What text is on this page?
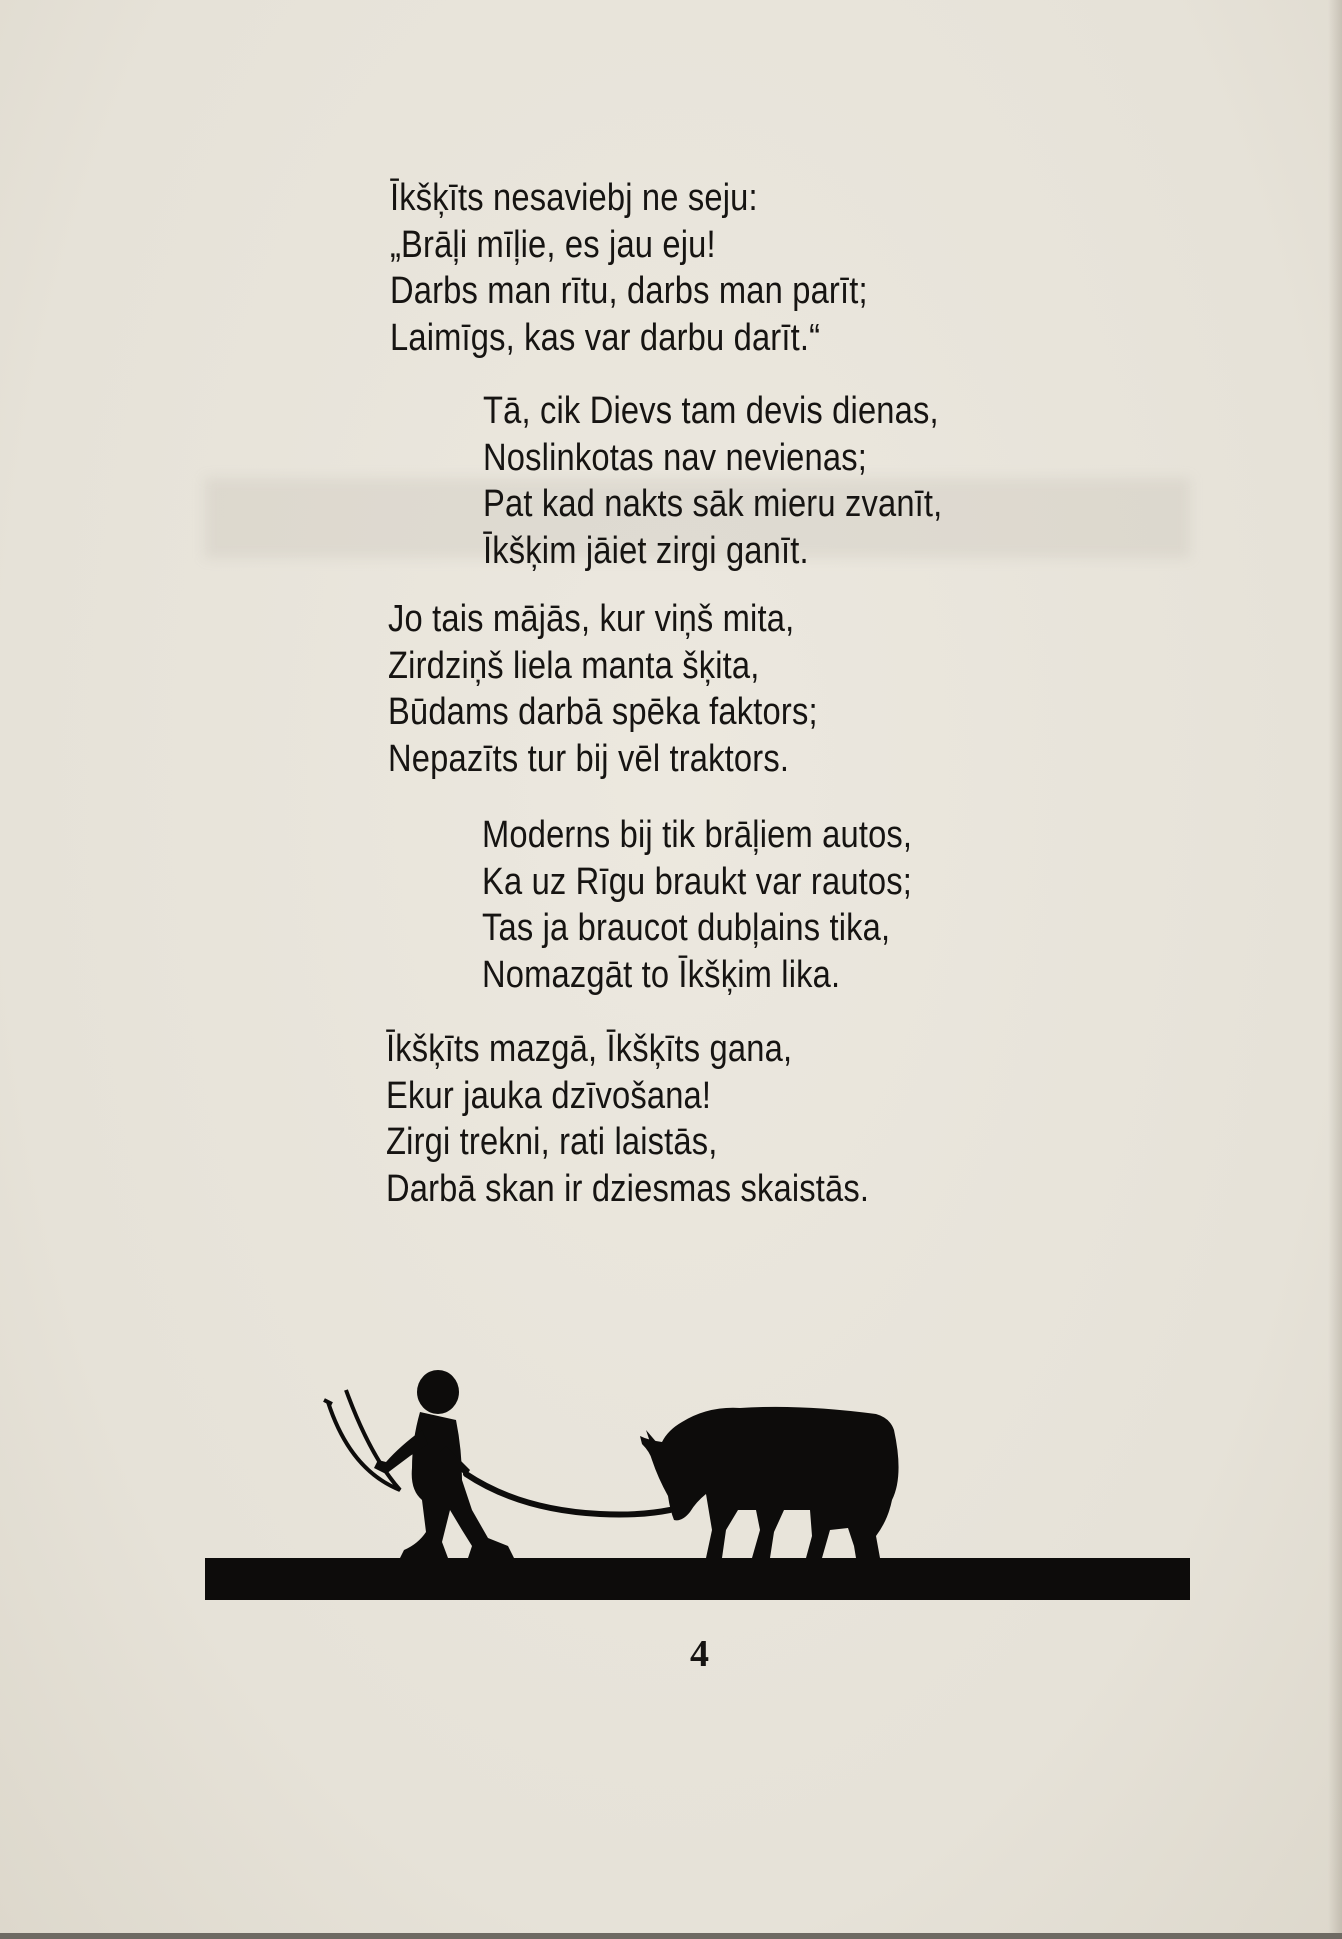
Īkšķīts nesaviebj ne seju:
„Brāļi mīļie, es jau eju!
Darbs man rītu, darbs man parīt;
Laimīgs, kas var darbu darīt.“
Tā, cik Dievs tam devis dienas,
Noslinkotas nav nevienas;
Pat kad nakts sāk mieru zvanīt,
Īkšķim jāiet zirgi ganīt.
Jo tais mājās, kur viņš mita,
Zirdziņš liela manta šķita,
Būdams darbā spēka faktors;
Nepazīts tur bij vēl traktors.
Moderns bij tik brāļiem autos,
Ka uz Rīgu braukt var rautos;
Tas ja braucot dubļains tika,
Nomazgāt to Īkšķim lika.
Īkšķīts mazgā, Īkšķīts gana,
Ekur jauka dzīvošana!
Zirgi trekni, rati laistās,
Darbā skan ir dziesmas skaistās.
4
